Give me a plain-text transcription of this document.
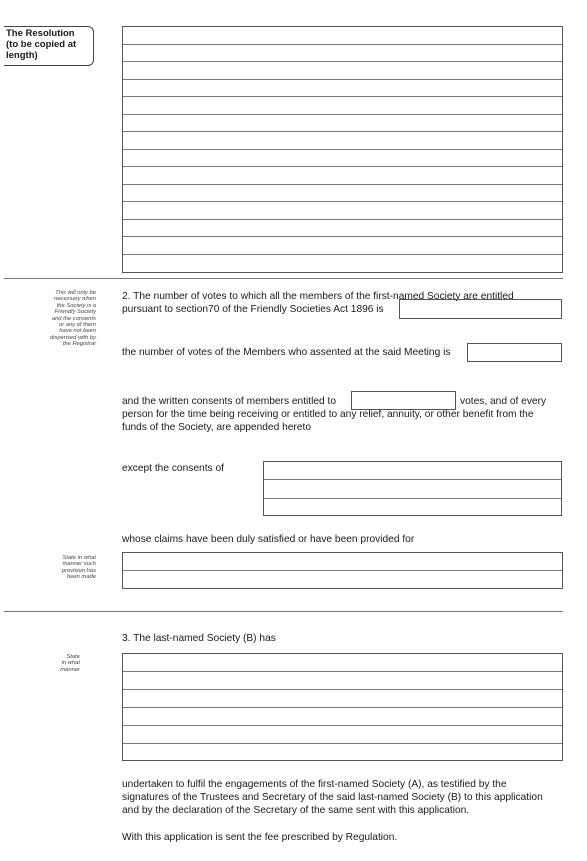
The Resolution
(to be copied at
length)
This will only be
necessary when
the Society is a
Friendly Society
and the consents
or any of them
have not been
dispensed with by
the Registrar
2. The number of votes to which all the members of the first-named Society are entitled
pursuant to section70 of the Friendly Societies Act 1896 is
the number of votes of the Members who assented at the said Meeting is
and the written consents of members entitled to	votes, and of every
person for the time being receiving or entitled to any relief, annuity, or other benefit from the
funds of the Society, are appended hereto
except the consents of
whose claims have been duly satisfied or have been provided for
State in what
manner such
provision has
been made
3. The last-named Society (B) has
State
in what
manner
undertaken to fulfil the engagements of the first-named Society (A), as testified by the
signatures of the Trustees and Secretary of the said last-named Society (B) to this application
and by the declaration of the Secretary of the same sent with this application.
With this application is sent the fee prescribed by Regulation.
